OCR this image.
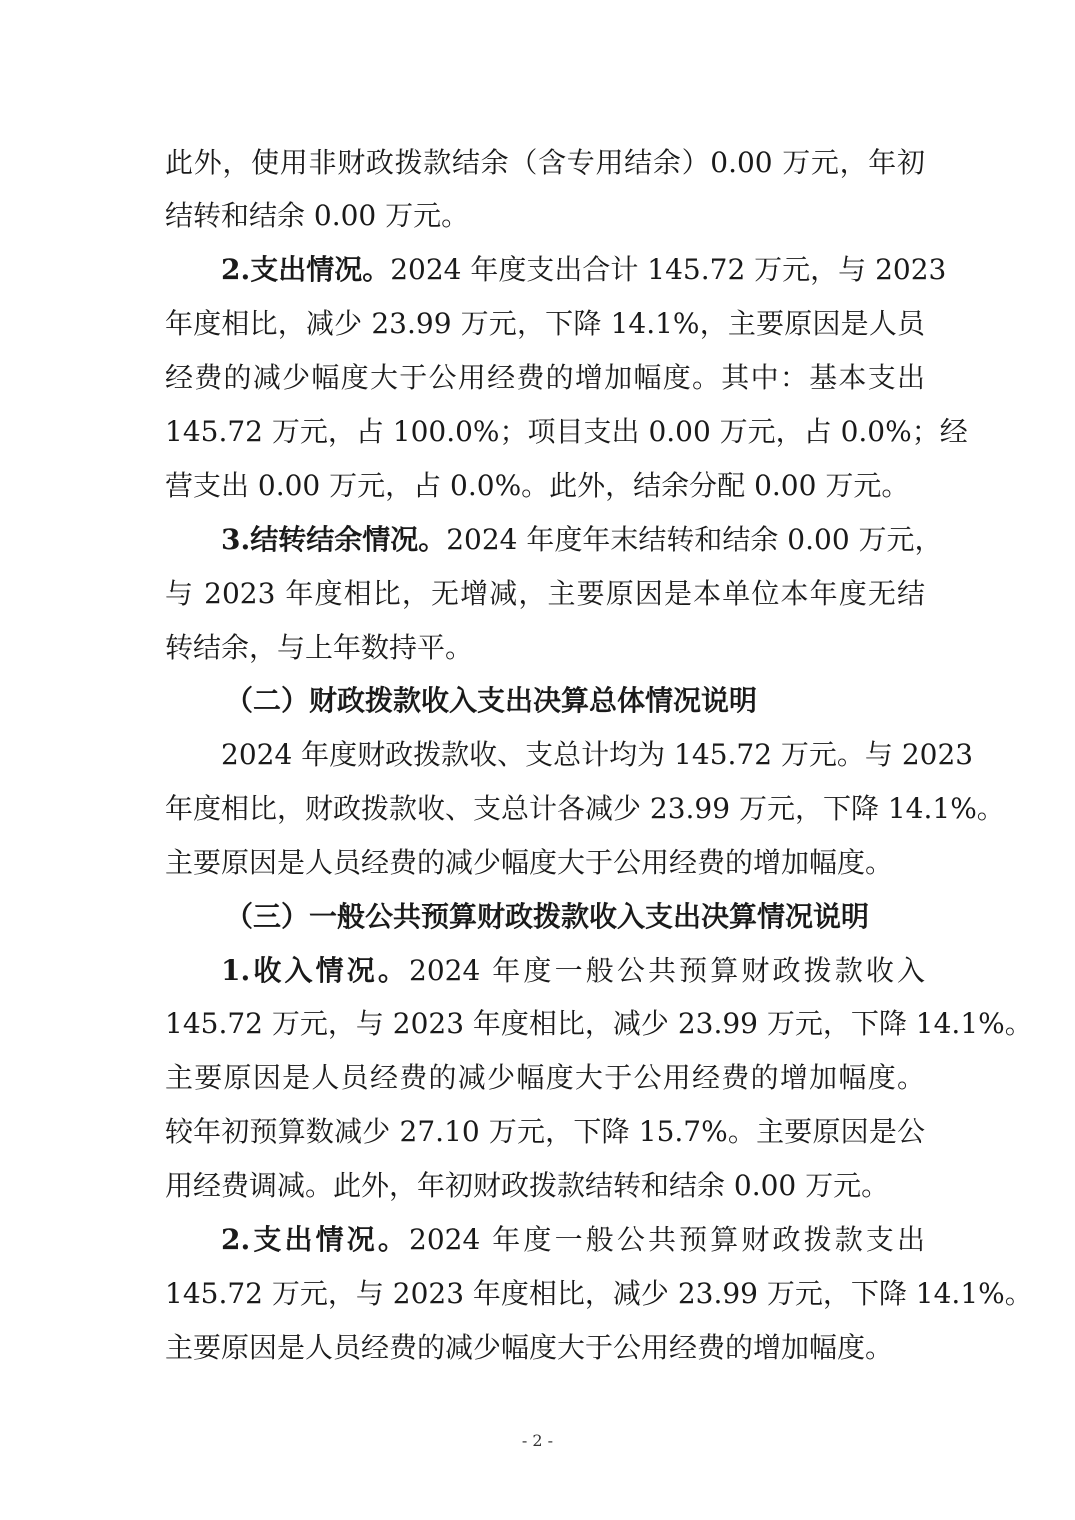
此外，使用非财政拨款结余（含专用结余）0.00 万元，年初
结转和结余 0.00 万元。
2.支出情况。2024 年度支出合计 145.72 万元，与 2023
年度相比，减少 23.99 万元，下降 14.1%，主要原因是人员
经费的减少幅度大于公用经费的增加幅度。其中：基本支出
145.72 万元，占 100.0%；项目支出 0.00 万元，占 0.0%；经
营支出 0.00 万元，占 0.0%。此外，结余分配 0.00 万元。
3.结转结余情况。2024 年度年末结转和结余 0.00 万元，
与 2023 年度相比，无增减，主要原因是本单位本年度无结
转结余，与上年数持平。
（二）财政拨款收入支出决算总体情况说明
2024 年度财政拨款收、支总计均为 145.72 万元。与 2023
年度相比，财政拨款收、支总计各减少 23.99 万元，下降 14.1%。
主要原因是人员经费的减少幅度大于公用经费的增加幅度。
（三）一般公共预算财政拨款收入支出决算情况说明
1.收入情况。2024 年度一般公共预算财政拨款收入
145.72 万元，与 2023 年度相比，减少 23.99 万元，下降 14.1%。
主要原因是人员经费的减少幅度大于公用经费的增加幅度。
较年初预算数减少 27.10 万元，下降 15.7%。主要原因是公
用经费调减。此外，年初财政拨款结转和结余 0.00 万元。
2.支出情况。2024 年度一般公共预算财政拨款支出
145.72 万元，与 2023 年度相比，减少 23.99 万元，下降 14.1%。
主要原因是人员经费的减少幅度大于公用经费的增加幅度。
- 2 -
